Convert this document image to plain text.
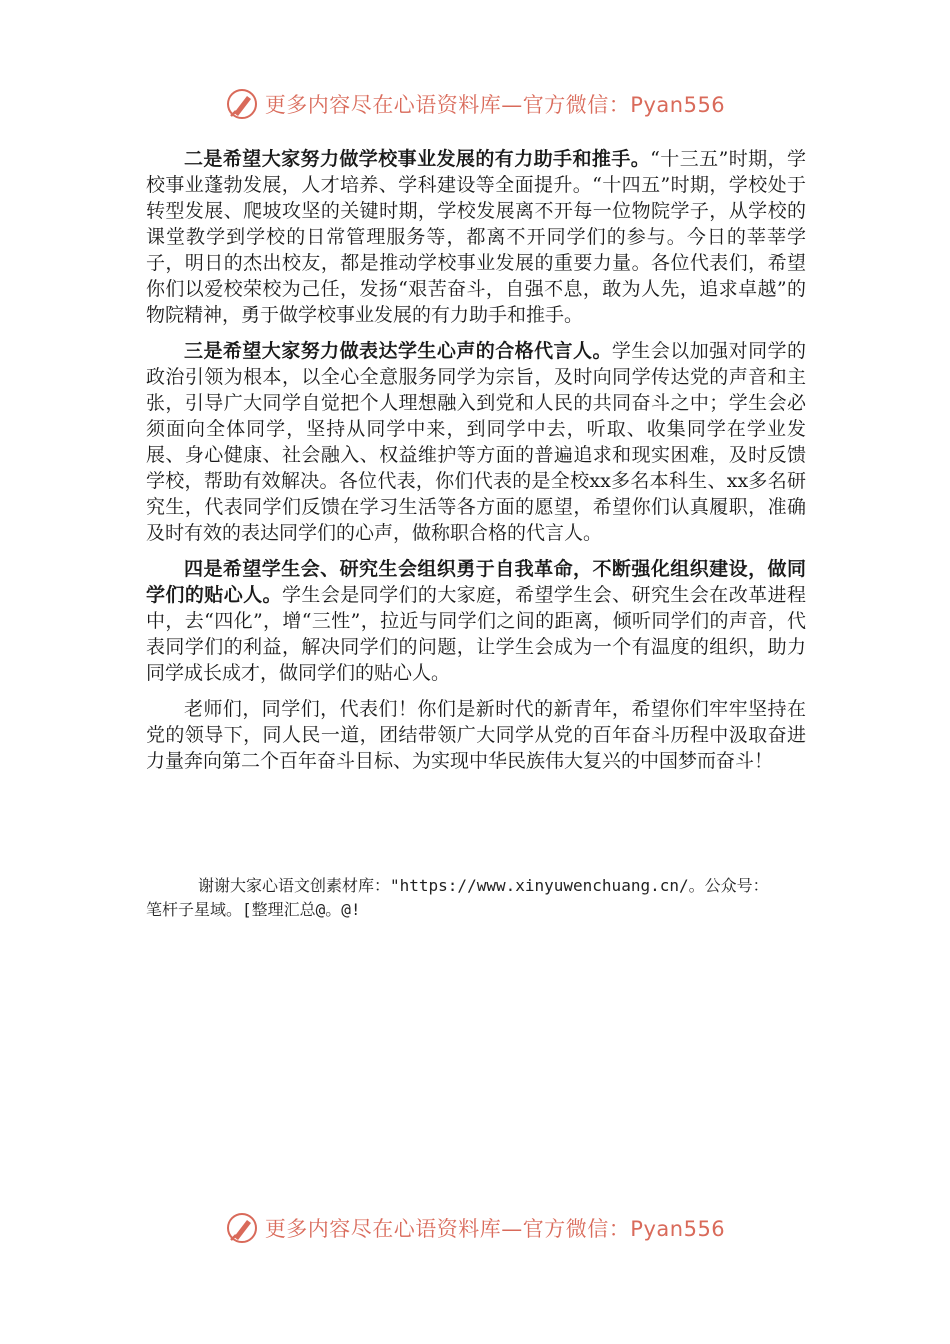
更多内容尽在心语资料库—官方微信：Pyan556

二是希望大家努力做学校事业发展的有力助手和推手。“十三五”时期，学校事业蓬勃发展，人才培养、学科建设等全面提升。“十四五”时期，学校处于转型发展、爬坡攻坚的关键时期，学校发展离不开每一位物院学子，从学校的课堂教学到学校的日常管理服务等，都离不开同学们的参与。今日的莘莘学子，明日的杰出校友，都是推动学校事业发展的重要力量。各位代表们，希望你们以爱校荣校为己任，发扬“艰苦奋斗，自强不息，敢为人先，追求卓越”的物院精神，勇于做学校事业发展的有力助手和推手。

三是希望大家努力做表达学生心声的合格代言人。学生会以加强对同学的政治引领为根本，以全心全意服务同学为宗旨，及时向同学传达党的声音和主张，引导广大同学自觉把个人理想融入到党和人民的共同奋斗之中；学生会必须面向全体同学，坚持从同学中来，到同学中去，听取、收集同学在学业发展、身心健康、社会融入、权益维护等方面的普遍追求和现实困难，及时反馈学校，帮助有效解决。各位代表，你们代表的是全校xx多名本科生、xx多名研究生，代表同学们反馈在学习生活等各方面的愿望，希望你们认真履职，准确及时有效的表达同学们的心声，做称职合格的代言人。

四是希望学生会、研究生会组织勇于自我革命，不断强化组织建设，做同学们的贴心人。学生会是同学们的大家庭，希望学生会、研究生会在改革进程中，去“四化”，增“三性”，拉近与同学们之间的距离，倾听同学们的声音，代表同学们的利益，解决同学们的问题，让学生会成为一个有温度的组织，助力同学成长成才，做同学们的贴心人。

老师们，同学们，代表们！你们是新时代的新青年，希望你们牢牢坚持在党的领导下，同人民一道，团结带领广大同学从党的百年奋斗历程中汲取奋进力量奔向第二个百年奋斗目标、为实现中华民族伟大复兴的中国梦而奋斗！

谢谢大家心语文创素材库："https://www.xinyuwenchuang.cn/。公众号：
笔杆子星域。[整理汇总@。@!
更多内容尽在心语资料库—官方微信：Pyan556
